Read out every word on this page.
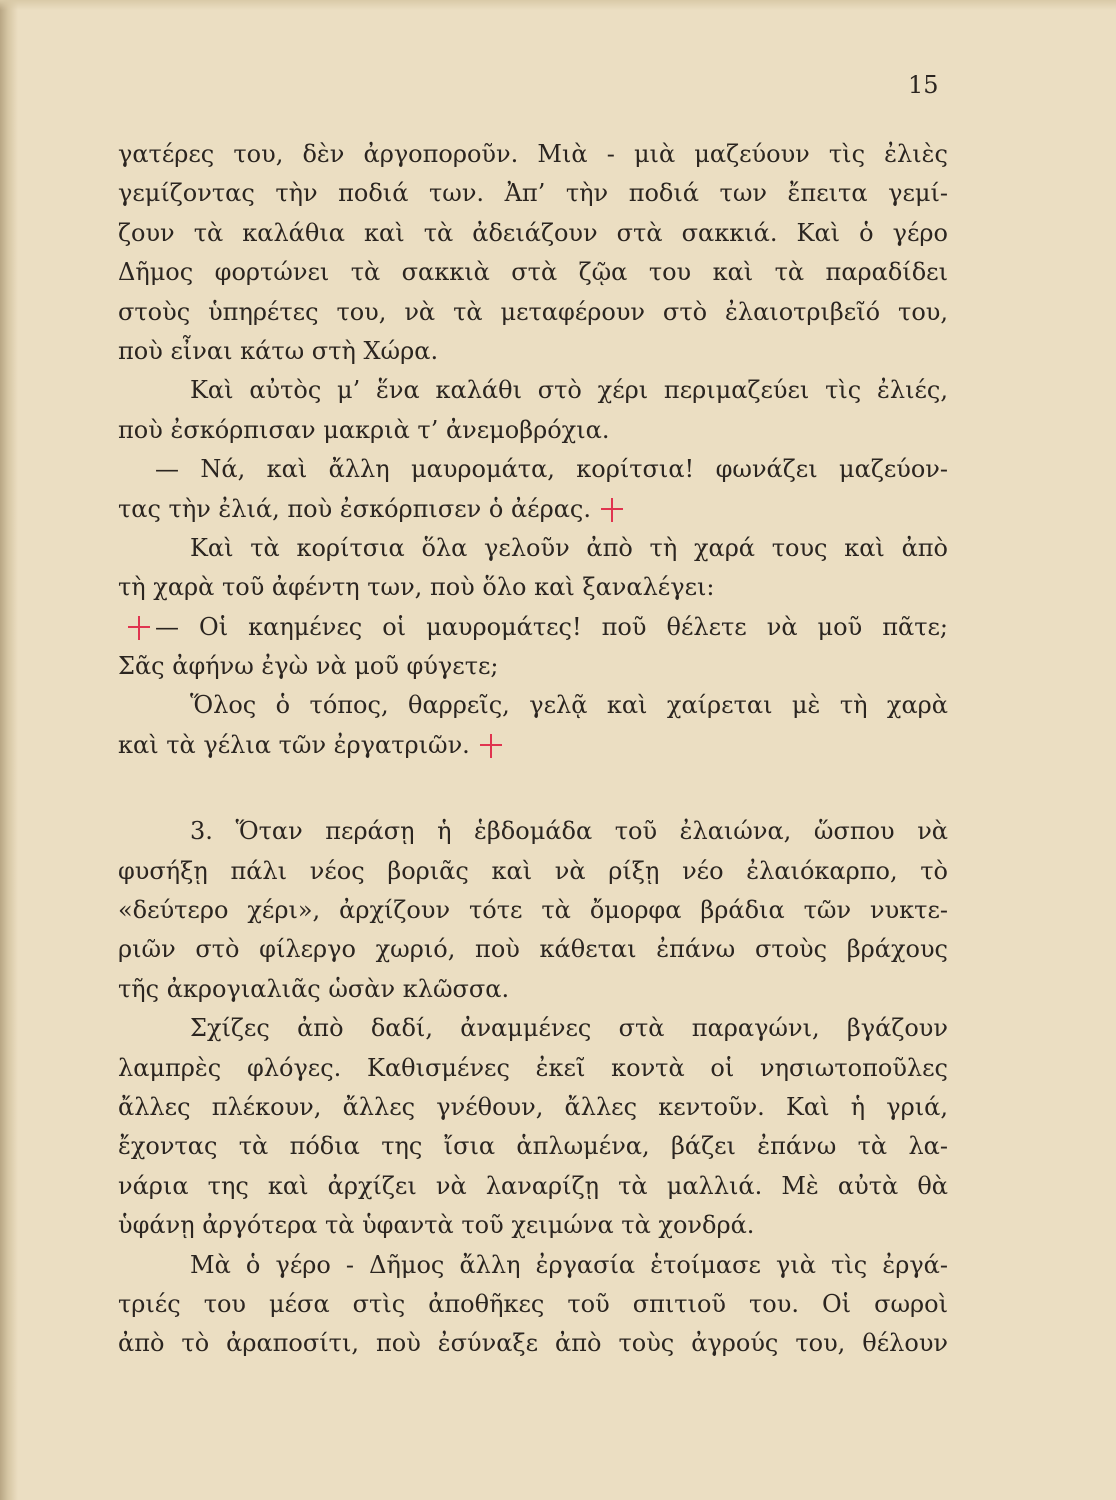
15
γατέρες του, δὲν ἀργοποροῦν. Μιὰ - μιὰ μαζεύουν τὶς ἐλιὲς
γεμίζοντας τὴν ποδιά των. Ἀπ’ τὴν ποδιά των ἔπειτα γεμί-
ζουν τὰ καλάθια καὶ τὰ ἀδειάζουν στὰ σακκιά. Καὶ ὁ γέρο
Δῆμος φορτώνει τὰ σακκιὰ στὰ ζῷα του καὶ τὰ παραδίδει
στοὺς ὑπηρέτες του, νὰ τὰ μεταφέρουν στὸ ἐλαιοτριβεῖό του,
ποὺ εἶναι κάτω στὴ Χώρα.
Καὶ αὐτὸς μ’ ἕνα καλάθι στὸ χέρι περιμαζεύει τὶς ἐλιές,
ποὺ ἐσκόρπισαν μακριὰ τ’ ἀνεμοβρόχια.
— Νά, καὶ ἄλλη μαυρομάτα, κορίτσια! φωνάζει μαζεύον-
τας τὴν ἐλιά, ποὺ ἐσκόρπισεν ὁ ἀέρας.
Καὶ τὰ κορίτσια ὅλα γελοῦν ἀπὸ τὴ χαρά τους καὶ ἀπὸ
τὴ χαρὰ τοῦ ἀφέντη των, ποὺ ὅλο καὶ ξαναλέγει:
— Οἱ καημένες οἱ μαυρομάτες! ποῦ θέλετε νὰ μοῦ πᾶτε;
Σᾶς ἀφήνω ἐγὼ νὰ μοῦ φύγετε;
Ὅλος ὁ τόπος, θαρρεῖς, γελᾷ καὶ χαίρεται μὲ τὴ χαρὰ
καὶ τὰ γέλια τῶν ἐργατριῶν.
3. Ὅταν περάσῃ ἡ ἑβδομάδα τοῦ ἐλαιώνα, ὥσπου νὰ
φυσήξῃ πάλι νέος βοριᾶς καὶ νὰ ρίξῃ νέο ἐλαιόκαρπο, τὸ
«δεύτερο χέρι», ἀρχίζουν τότε τὰ ὄμορφα βράδια τῶν νυκτε-
ριῶν στὸ φίλεργο χωριό, ποὺ κάθεται ἐπάνω στοὺς βράχους
τῆς ἀκρογιαλιᾶς ὡσὰν κλῶσσα.
Σχίζες ἀπὸ δαδί, ἀναμμένες στὰ παραγώνι, βγάζουν
λαμπρὲς φλόγες. Καθισμένες ἐκεῖ κοντὰ οἱ νησιωτοποῦλες
ἄλλες πλέκουν, ἄλλες γνέθουν, ἄλλες κεντοῦν. Καὶ ἡ γριά,
ἔχοντας τὰ πόδια της ἴσια ἁπλωμένα, βάζει ἐπάνω τὰ λα-
νάρια της καὶ ἀρχίζει νὰ λαναρίζῃ τὰ μαλλιά. Μὲ αὐτὰ θὰ
ὑφάνῃ ἀργότερα τὰ ὑφαντὰ τοῦ χειμώνα τὰ χονδρά.
Μὰ ὁ γέρο - Δῆμος ἄλλη ἐργασία ἑτοίμασε γιὰ τὶς ἐργά-
τριές του μέσα στὶς ἀποθῆκες τοῦ σπιτιοῦ του. Οἱ σωροὶ
ἀπὸ τὸ ἀραποσίτι, ποὺ ἐσύναξε ἀπὸ τοὺς ἀγρούς του, θέλουν
